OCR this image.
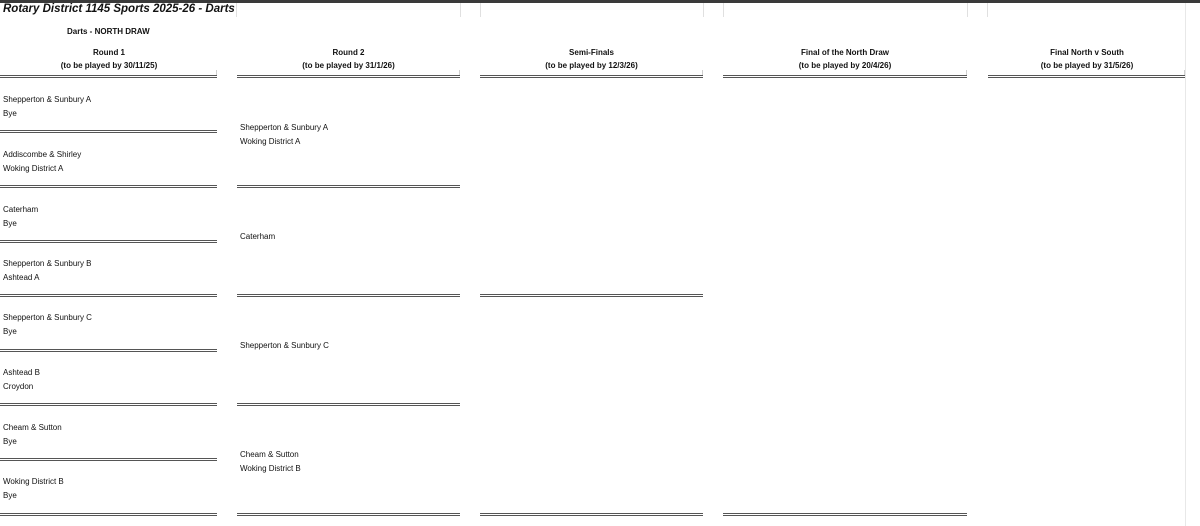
Rotary District 1145 Sports 2025-26 - Darts
Darts - NORTH DRAW
Round 1
(to be played by 30/11/25)
Round 2
(to be played by 31/1/26)
Semi-Finals
(to be played by 12/3/26)
Final of the North Draw
(to be played by 20/4/26)
Final North v South
(to be played by 31/5/26)
Shepperton & Sunbury A
Bye
Addiscombe & Shirley
Woking District A
Caterham
Bye
Shepperton & Sunbury B
Ashtead A
Shepperton & Sunbury C
Bye
Ashtead B
Croydon
Cheam & Sutton
Bye
Woking District B
Bye
Shepperton & Sunbury A
Woking District A
Caterham
Shepperton & Sunbury C
Cheam & Sutton
Woking District B
